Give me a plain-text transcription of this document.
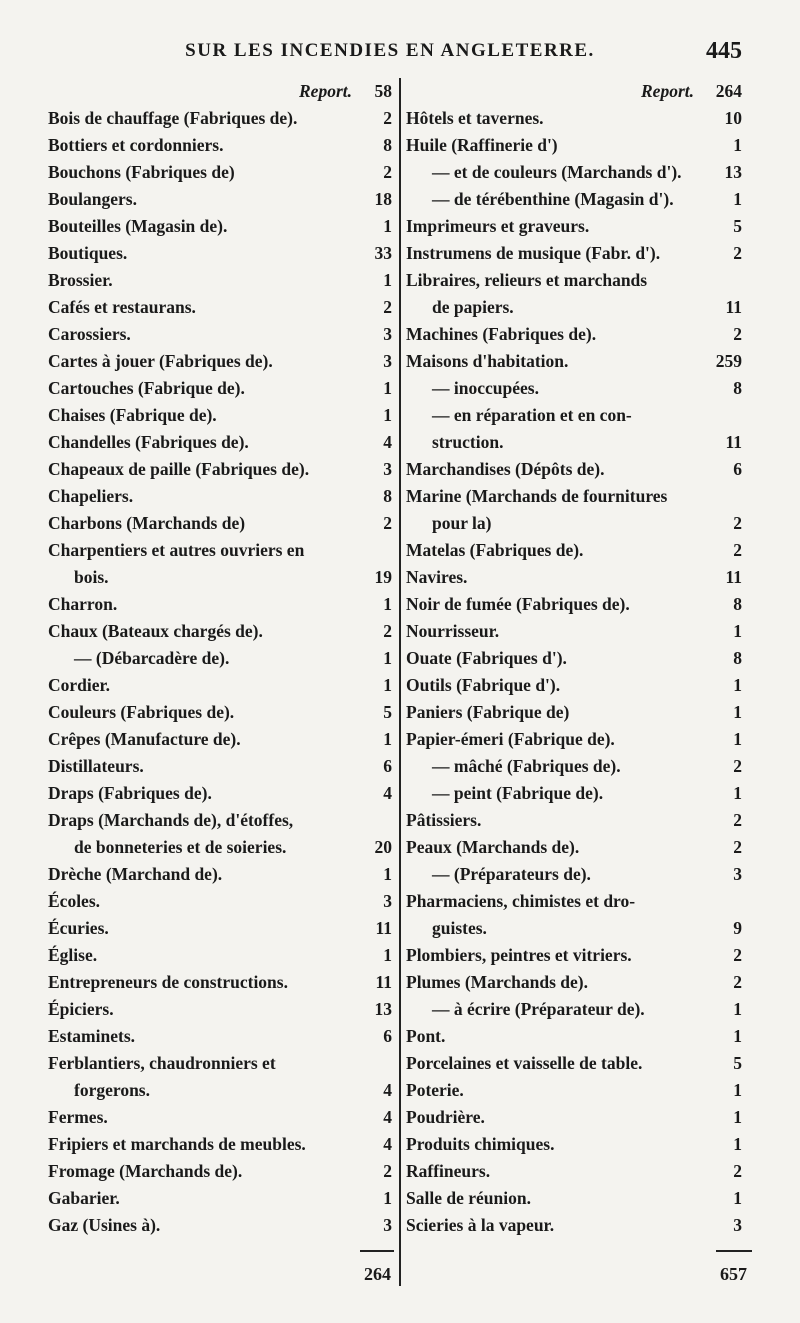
SUR LES INCENDIES EN ANGLETERRE.	445
Report. 58
Bois de chauffage (Fabriques de).	2
Bottiers et cordonniers.	8
Bouchons (Fabriques de)	2
Boulangers.	18
Bouteilles (Magasin de).	1
Boutiques.	33
Brossier.	1
Cafés et restaurans.	2
Carossiers.	3
Cartes à jouer (Fabriques de).	3
Cartouches (Fabrique de).	1
Chaises (Fabrique de).	1
Chandelles (Fabriques de).	4
Chapeaux de paille (Fabriques de).	3
Chapeliers.	8
Charbons (Marchands de)	2
Charpentiers et autres ouvriers en
bois.	19
Charron.	1
Chaux (Bateaux chargés de).	2
— (Débarcadère de).	1
Cordier.	1
Couleurs (Fabriques de).	5
Crêpes (Manufacture de).	1
Distillateurs.	6
Draps (Fabriques de).	4
Draps (Marchands de), d'étoffes,
de bonneteries et de soieries.	20
Drèche (Marchand de).	1
Écoles.	3
Écuries.	11
Église.	1
Entrepreneurs de constructions.	11
Épiciers.	13
Estaminets.	6
Ferblantiers, chaudronniers et
forgerons.	4
Fermes.	4
Fripiers et marchands de meubles.	4
Fromage (Marchands de).	2
Gabarier.	1
Gaz (Usines à).	3
Report. 264
Hôtels et tavernes.	10
Huile (Raffinerie d')	1
— et de couleurs (Marchands d'). 13
— de térébenthine (Magasin d').	1
Imprimeurs et graveurs.	5
Instrumens de musique (Fabr. d').	2
Libraires, relieurs et marchands
de papiers.	11
Machines (Fabriques de).	2
Maisons d'habitation.	259
— inoccupées.	8
— en réparation et en con-
struction.	11
Marchandises (Dépôts de).	6
Marine (Marchands de fournitures
pour la)	2
Matelas (Fabriques de).	2
Navires.	11
Noir de fumée (Fabriques de).	8
Nourrisseur.	1
Ouate (Fabriques d').	8
Outils (Fabrique d').	1
Paniers (Fabrique de)	1
Papier-émeri (Fabrique de).	1
— mâché (Fabriques de).	2
— peint (Fabrique de).	1
Pâtissiers.	2
Peaux (Marchands de).	2
— (Préparateurs de).	3
Pharmaciens, chimistes et dro-
guistes.	9
Plombiers, peintres et vitriers.	2
Plumes (Marchands de).	2
— à écrire (Préparateur de).	1
Pont.	1
Porcelaines et vaisselle de table.	5
Poterie.	1
Poudrière.	1
Produits chimiques.	1
Raffineurs.	2
Salle de réunion.	1
Scieries à la vapeur.	3
264	657
